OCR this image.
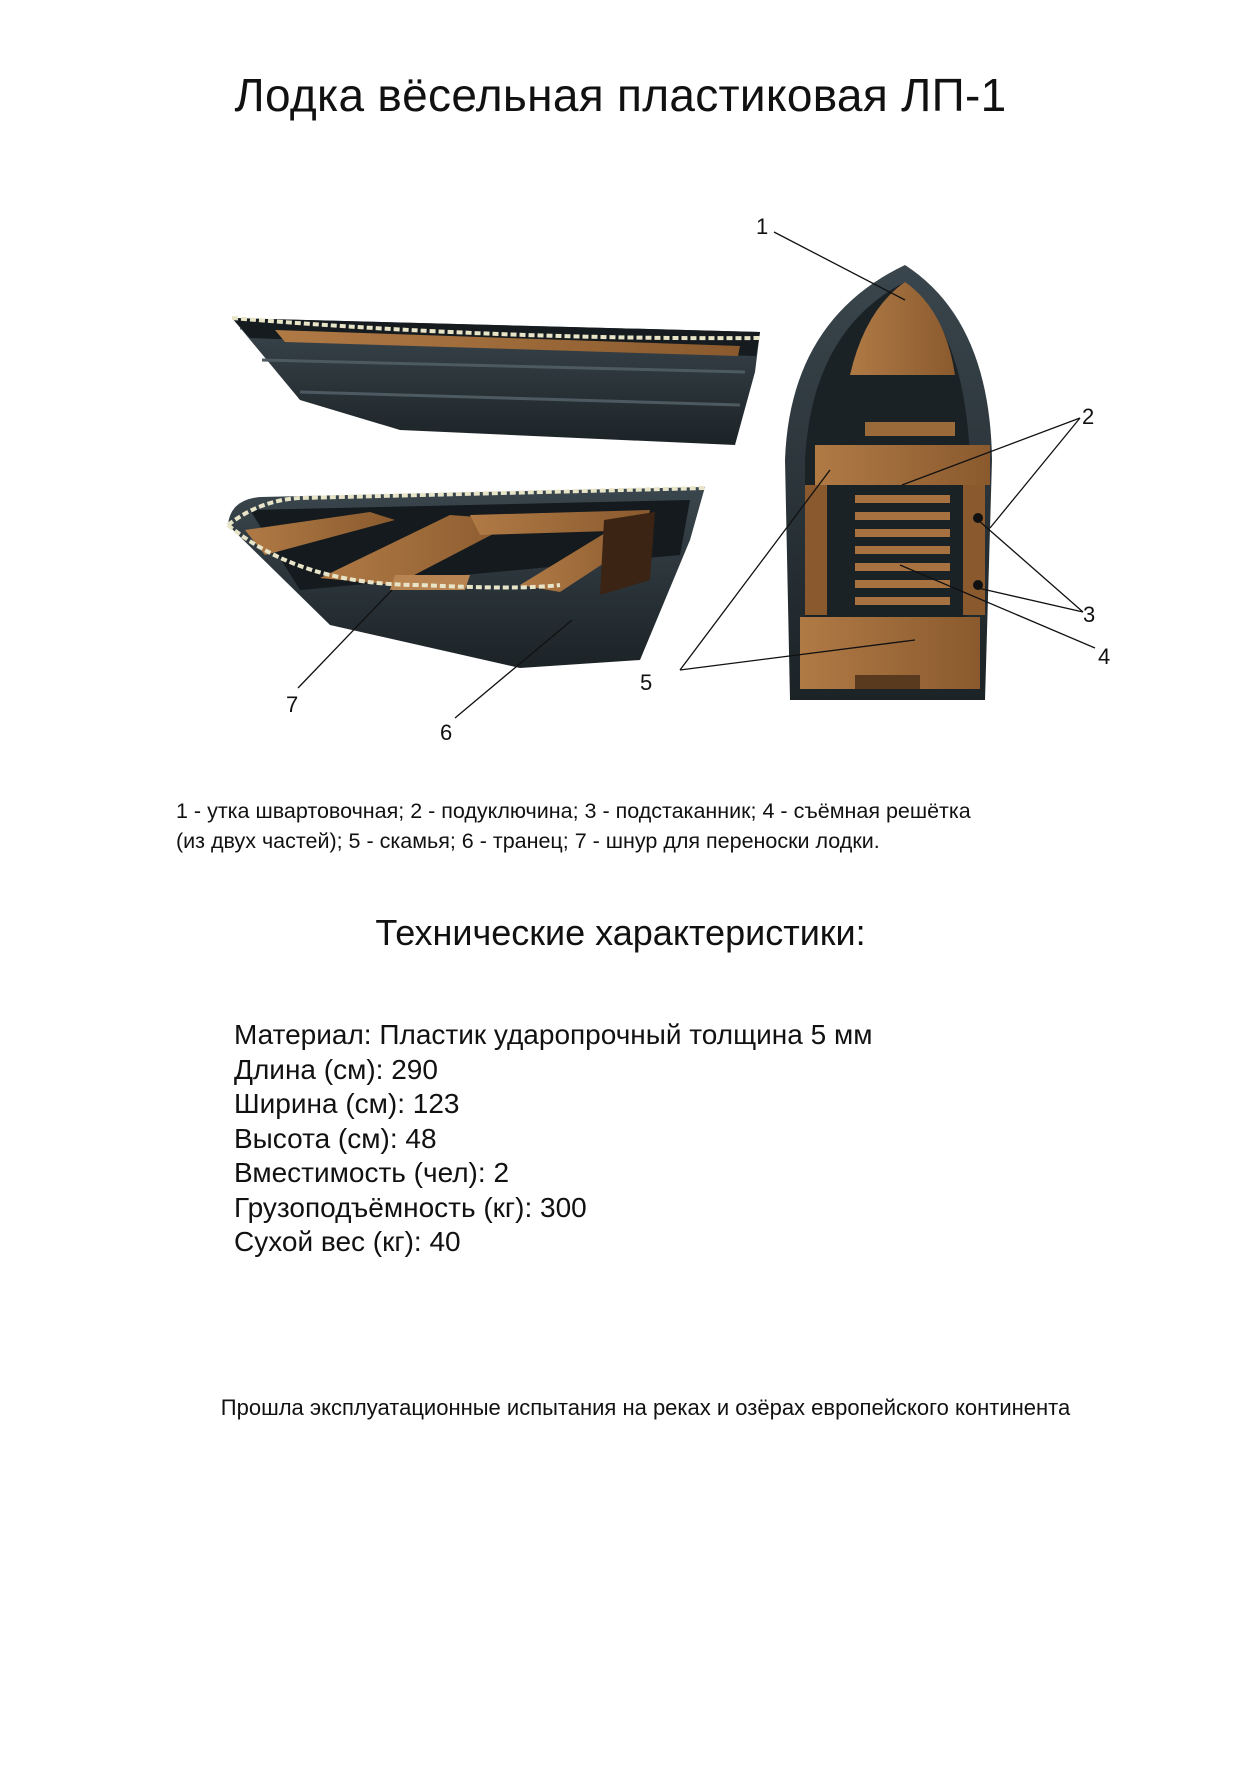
Лодка вёсельная пластиковая ЛП-1
1
2
3
4
5
6
7
1 - утка швартовочная; 2 - подуключина; 3 - подстаканник; 4 - съёмная решётка
(из двух частей); 5 - скамья; 6 - транец; 7 - шнур для переноски лодки.
Технические характеристики:
Материал: Пластик ударопрочный толщина 5 мм
Длина (см): 290
Ширина (см): 123
Высота (см): 48
Вместимость (чел): 2
Грузоподъёмность (кг): 300
Сухой вес (кг): 40
Прошла эксплуатационные испытания на реках и озёрах европейского континента
